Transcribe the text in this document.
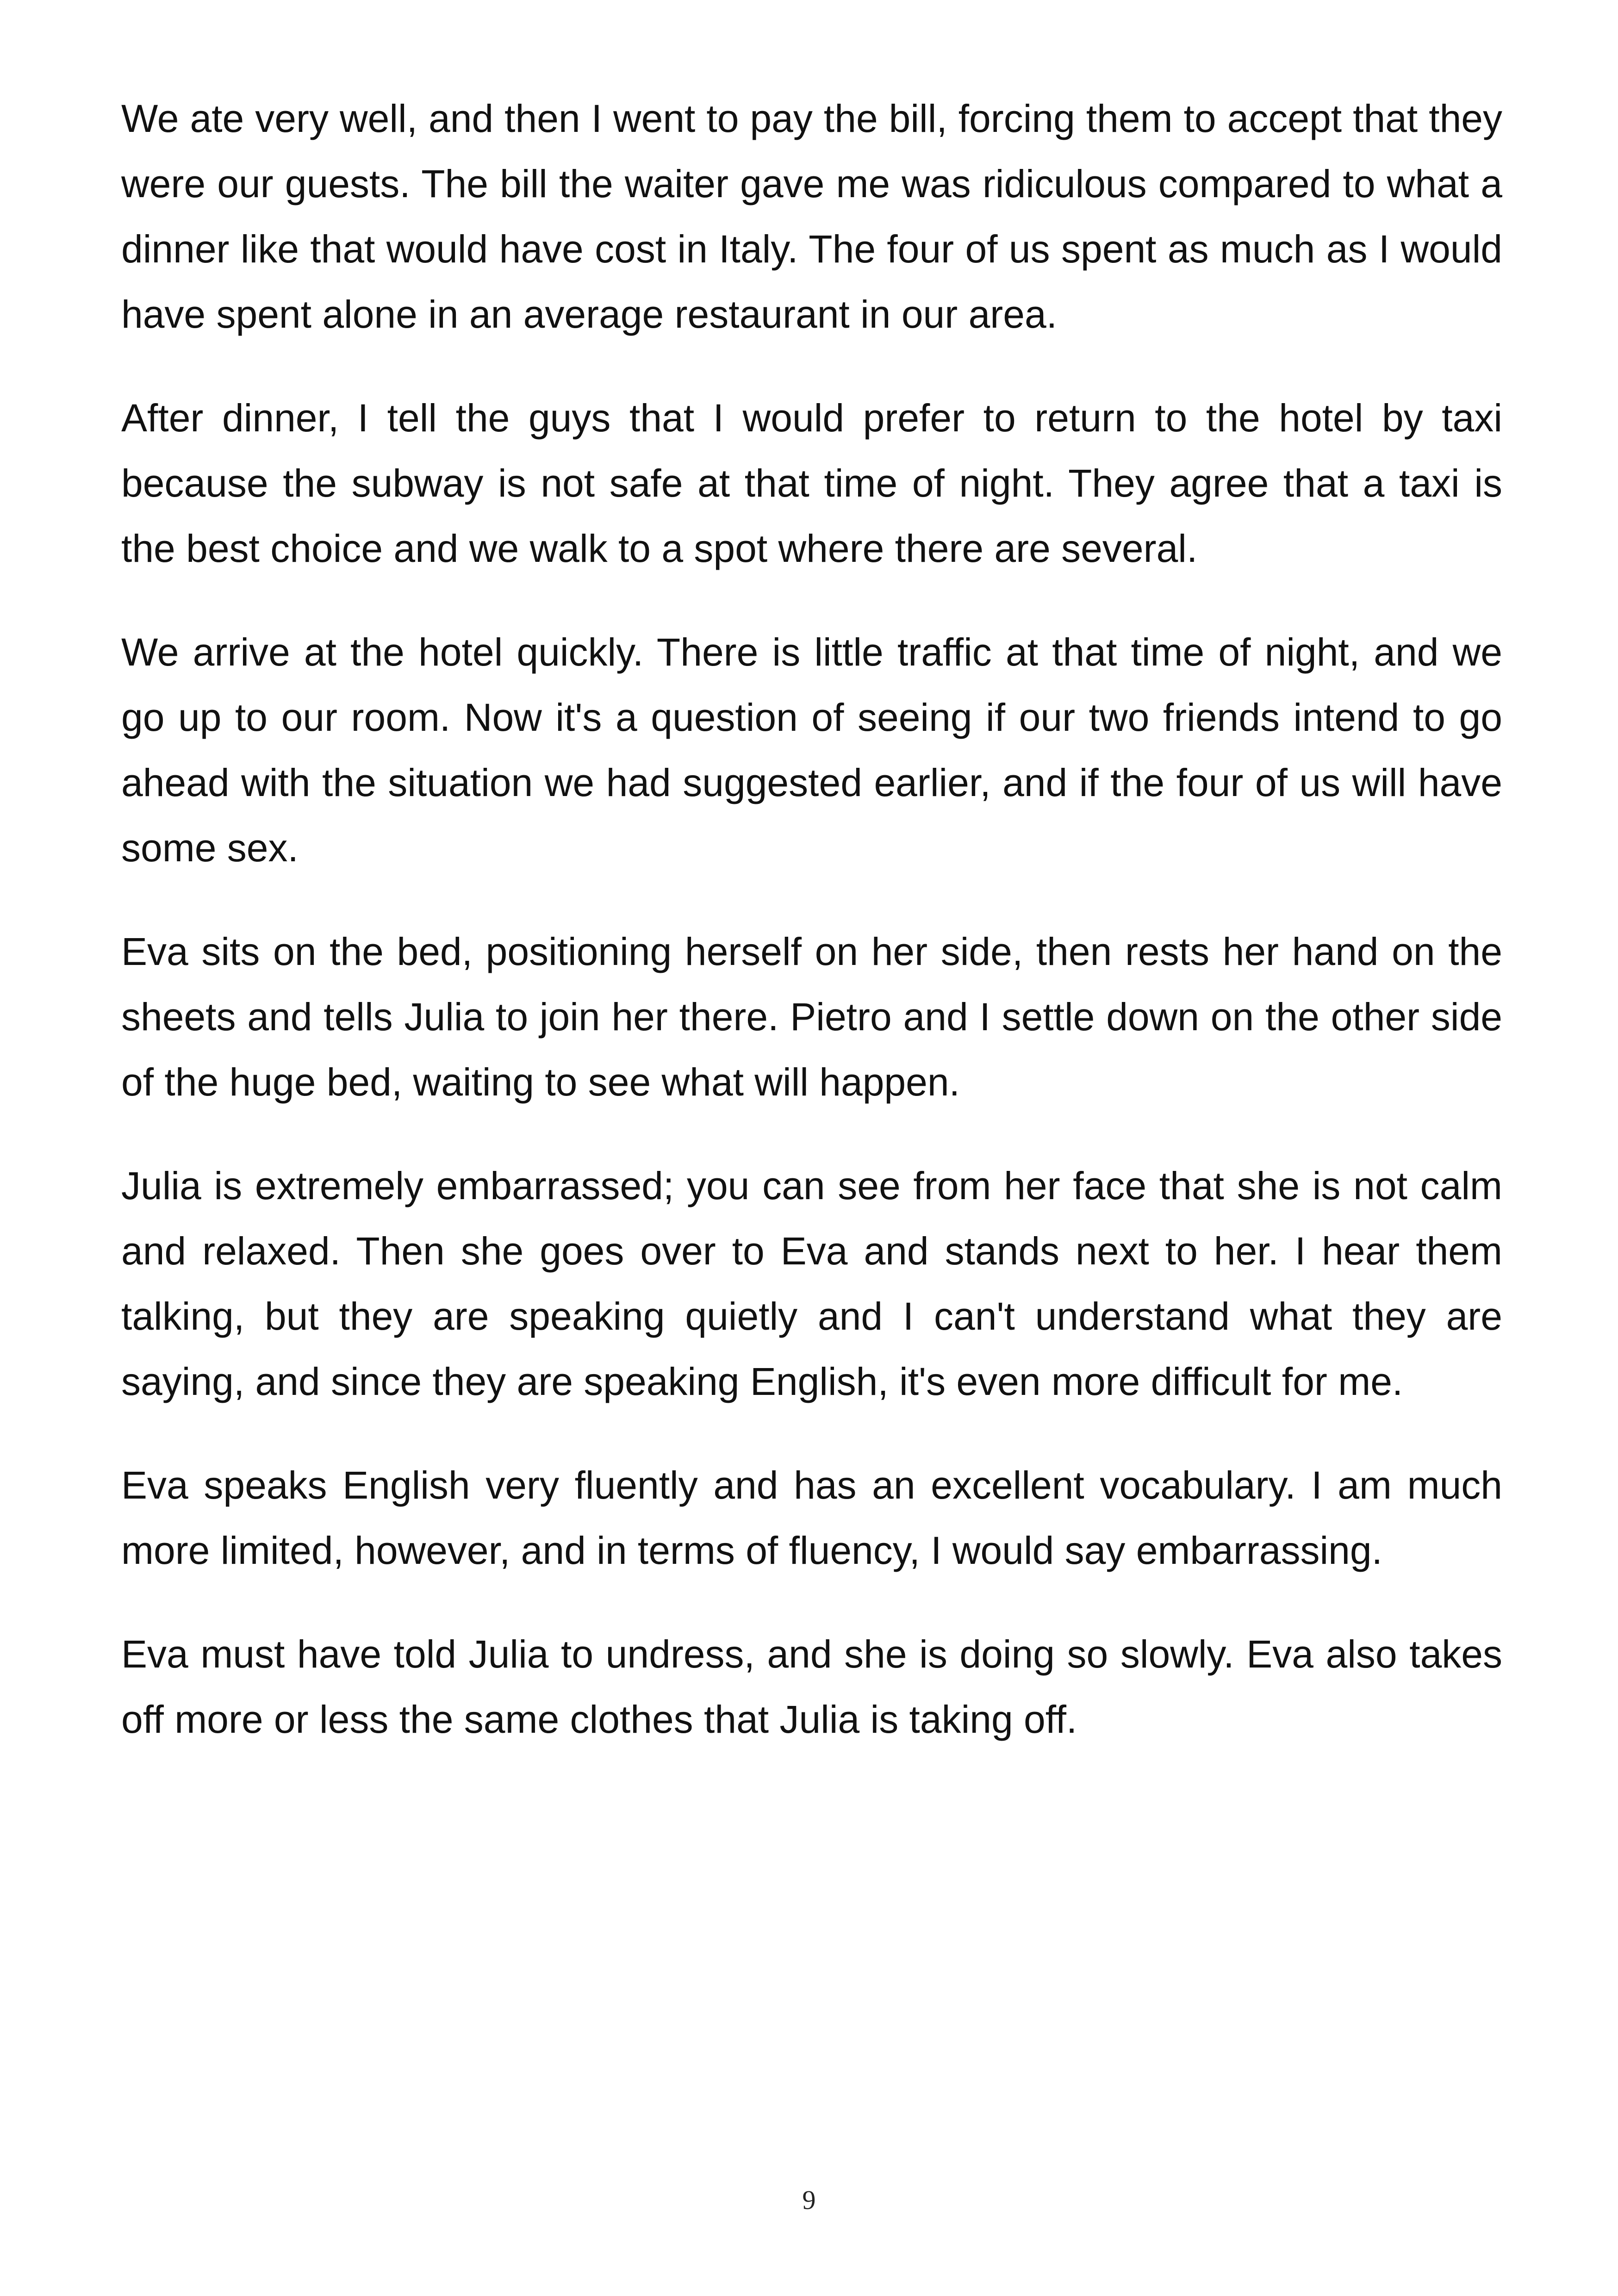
We ate very well, and then I went to pay the bill, forcing them to accept that they were our guests. The bill the waiter gave me was ridiculous compared to what a dinner like that would have cost in Italy. The four of us spent as much as I would have spent alone in an average restaurant in our area.

After dinner, I tell the guys that I would prefer to return to the hotel by taxi because the subway is not safe at that time of night. They agree that a taxi is the best choice and we walk to a spot where there are several.

We arrive at the hotel quickly. There is little traffic at that time of night, and we go up to our room. Now it's a question of seeing if our two friends intend to go ahead with the situation we had suggested earlier, and if the four of us will have some sex.

Eva sits on the bed, positioning herself on her side, then rests her hand on the sheets and tells Julia to join her there. Pietro and I settle down on the other side of the huge bed, waiting to see what will happen.

Julia is extremely embarrassed; you can see from her face that she is not calm and relaxed. Then she goes over to Eva and stands next to her. I hear them talking, but they are speaking quietly and I can't understand what they are saying, and since they are speaking English, it's even more difficult for me.

Eva speaks English very fluently and has an excellent vocabulary. I am much more limited, however, and in terms of fluency, I would say embarrassing.

Eva must have told Julia to undress, and she is doing so slowly. Eva also takes off more or less the same clothes that Julia is taking off.

9
